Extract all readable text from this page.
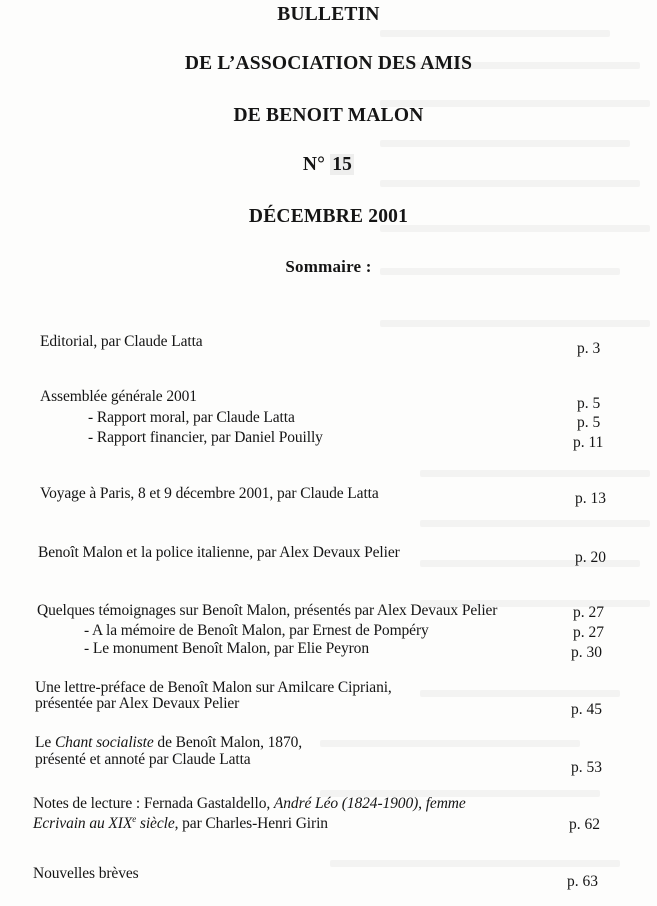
BULLETIN
DE L’ASSOCIATION DES AMIS
DE BENOIT MALON
N° 15
DÉCEMBRE 2001
Sommaire :
Editorial, par Claude Latta	p. 3
Assemblée générale 2001	p. 5
- Rapport moral, par Claude Latta	p. 5
- Rapport financier, par Daniel Pouilly	p. 11
Voyage à Paris, 8 et 9 décembre 2001, par Claude Latta	p. 13
Benoît Malon et la police italienne, par Alex Devaux Pelier	p. 20
Quelques témoignages sur Benoît Malon, présentés par Alex Devaux Pelier	p. 27
- A la mémoire de Benoît Malon, par Ernest de Pompéry	p. 27
- Le monument Benoît Malon, par Elie Peyron	p. 30
Une lettre-préface de Benoît Malon sur Amilcare Cipriani,
présentée par Alex Devaux Pelier	p. 45
Le Chant socialiste de Benoît Malon, 1870,
présenté et annoté par Claude Latta	p. 53
Notes de lecture : Fernada Gastaldello, André Léo (1824-1900), femme
Ecrivain au XIXe siècle, par Charles-Henri Girin	p. 62
Nouvelles brèves	p. 63
